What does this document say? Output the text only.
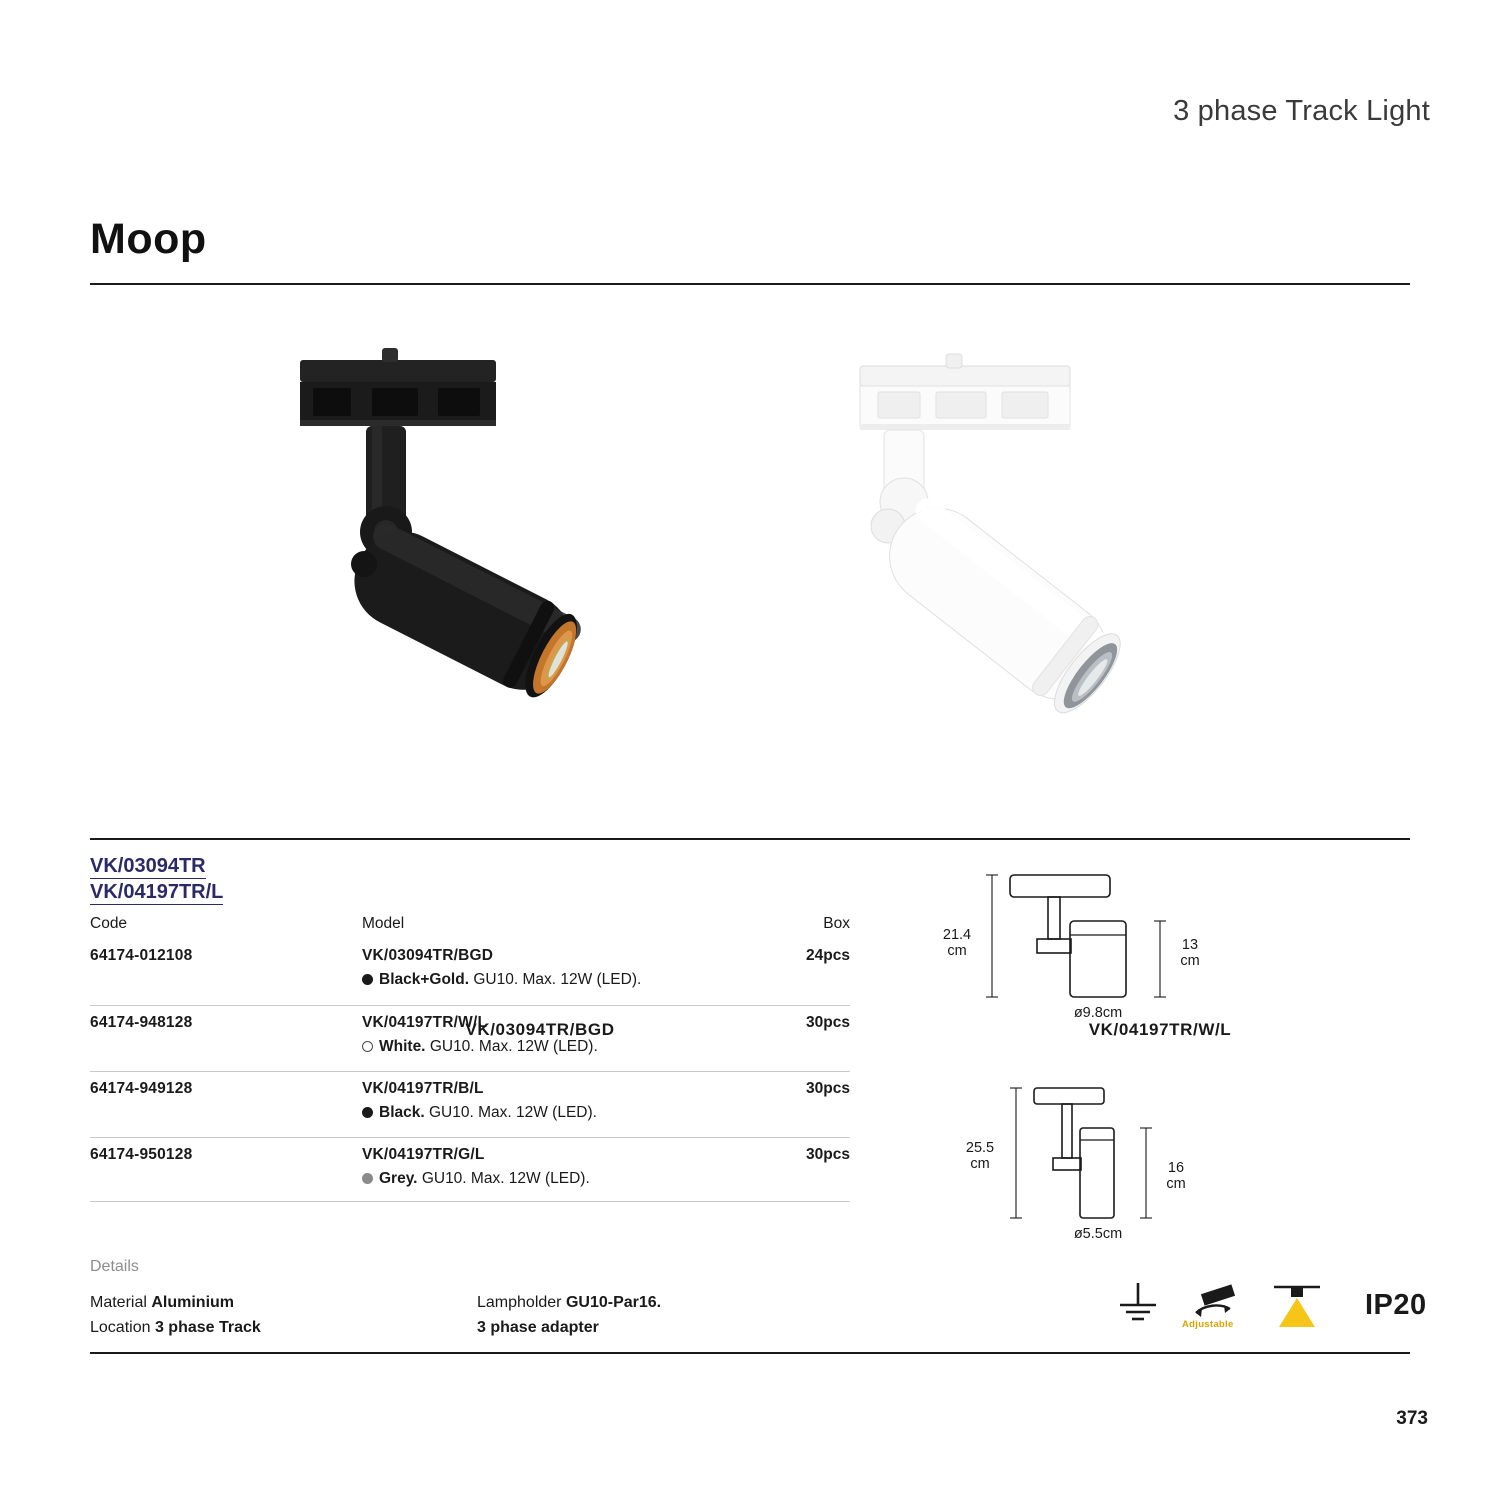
3 phase Track Light
Moop
VK/03094TR/BGD	VK/04197TR/W/L
VK/03094TR
VK/04197TR/L
Code	Model	Box
64174-012108	VK/03094TR/BGD	24pcs
Black+Gold. GU10. Max. 12W (LED).
64174-948128	VK/04197TR/W/L	30pcs
White. GU10. Max. 12W (LED).
64174-949128	VK/04197TR/B/L	30pcs
Black. GU10. Max. 12W (LED).
64174-950128	VK/04197TR/G/L	30pcs
Grey. GU10. Max. 12W (LED).
Details
Material Aluminium
Location 3 phase Track
Lampholder GU10-Par16.
3 phase adapter
21.4
cm	13
cm
ø9.8cm
25.5
cm	16
cm
ø5.5cm
Adjustable
IP20
373
